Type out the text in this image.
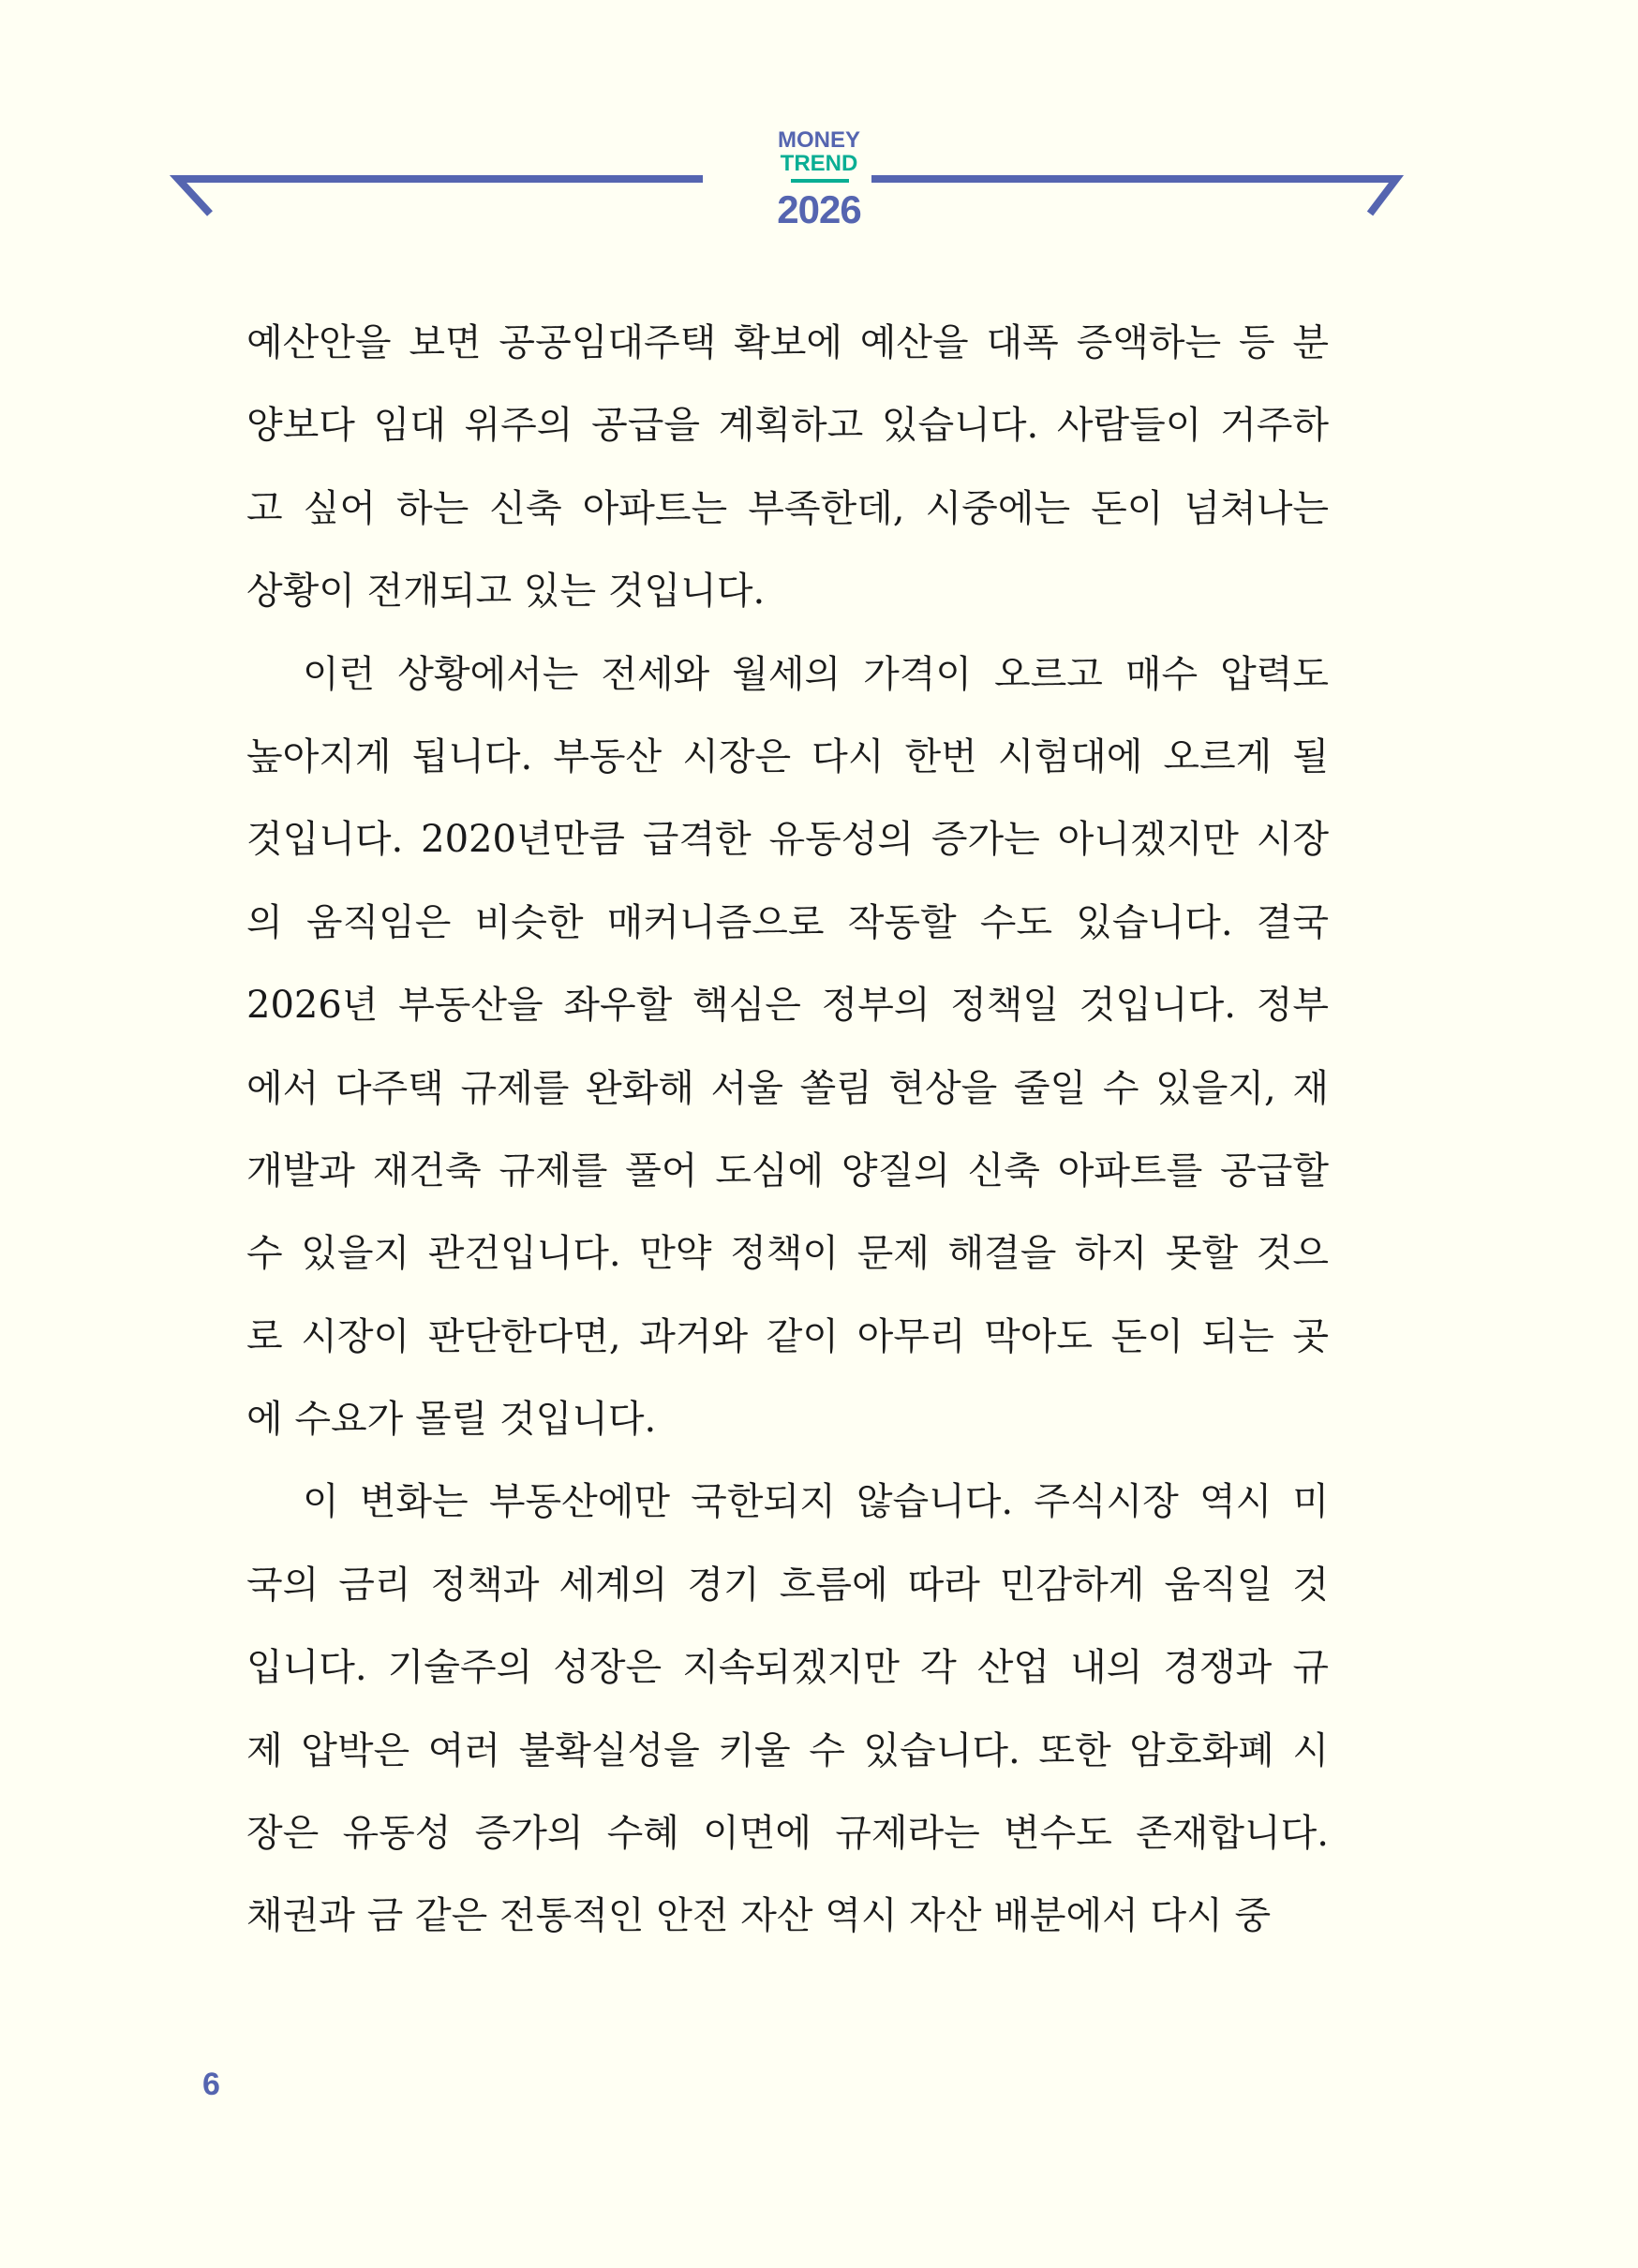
MONEY
TREND
2026
예산안을 보면 공공임대주택 확보에 예산을 대폭 증액하는 등 분
양보다 임대 위주의 공급을 계획하고 있습니다. 사람들이 거주하
고 싶어 하는 신축 아파트는 부족한데, 시중에는 돈이 넘쳐나는
상황이 전개되고 있는 것입니다.
이런 상황에서는 전세와 월세의 가격이 오르고 매수 압력도
높아지게 됩니다. 부동산 시장은 다시 한번 시험대에 오르게 될
것입니다. 2020년만큼 급격한 유동성의 증가는 아니겠지만 시장
의 움직임은 비슷한 매커니즘으로 작동할 수도 있습니다. 결국
2026년 부동산을 좌우할 핵심은 정부의 정책일 것입니다. 정부
에서 다주택 규제를 완화해 서울 쏠림 현상을 줄일 수 있을지, 재
개발과 재건축 규제를 풀어 도심에 양질의 신축 아파트를 공급할
수 있을지 관건입니다. 만약 정책이 문제 해결을 하지 못할 것으
로 시장이 판단한다면, 과거와 같이 아무리 막아도 돈이 되는 곳
에 수요가 몰릴 것입니다.
이 변화는 부동산에만 국한되지 않습니다. 주식시장 역시 미
국의 금리 정책과 세계의 경기 흐름에 따라 민감하게 움직일 것
입니다. 기술주의 성장은 지속되겠지만 각 산업 내의 경쟁과 규
제 압박은 여러 불확실성을 키울 수 있습니다. 또한 암호화폐 시
장은 유동성 증가의 수혜 이면에 규제라는 변수도 존재합니다.
채권과 금 같은 전통적인 안전 자산 역시 자산 배분에서 다시 중
6
